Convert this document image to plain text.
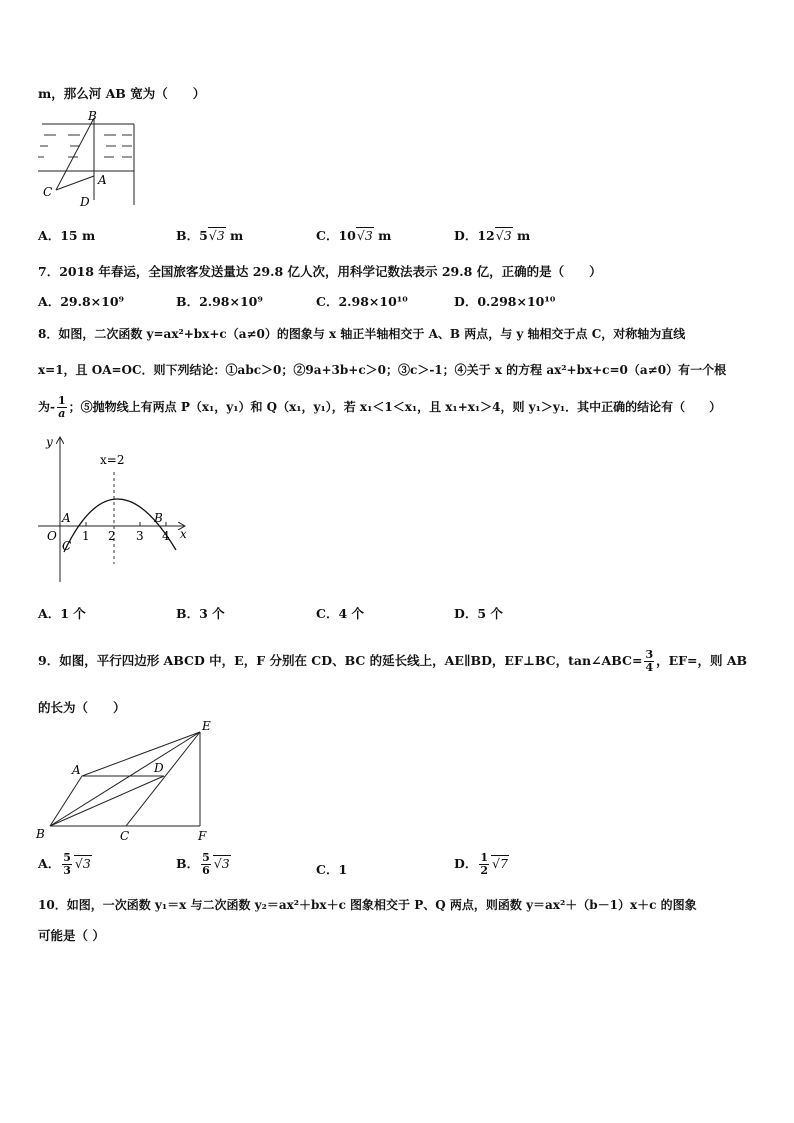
m，那么河 AB 宽为（　　）
B
C
A
D
A．15 m	B．5√3 m	C．10√3 m	D．12√3 m
7．2018 年春运，全国旅客发送量达 29.8 亿人次，用科学记数法表示 29.8 亿，正确的是（　　）
A．29.8×10⁹	B．2.98×10⁹	C．2.98×10¹⁰	D．0.298×10¹⁰
8．如图，二次函数 y=ax²+bx+c（a≠0）的图象与 x 轴正半轴相交于 A、B 两点，与 y 轴相交于点 C，对称轴为直线
x=1，且 OA=OC．则下列结论：①abc＞0；②9a+3b+c＞0；③c＞-1；④关于 x 的方程 ax²+bx+c=0（a≠0）有一个根
为- $\frac{1}{a}$ ；⑤抛物线上有两点 P（x₁，y₁）和 Q（x₁，y₁），若 x₁＜1＜x₁，且 x₁+x₁＞4，则 y₁＞y₁．其中正确的结论有（　　）
y
x
x=2
A	B
O
C
1 2 3 4
A．1 个	B．3 个	C．4 个	D．5 个
9．如图，平行四边形 ABCD 中，E，F 分别在 CD、BC 的延长线上，AE∥BD，EF⊥BC，tan∠ABC= $\frac{3}{4}$ ，EF=，则 AB
的长为（　　）
E
A	D
B	C	F
A． $\frac{5}{3} √3$	B． $\frac{5}{6} √3$	C．1	D． $\frac{1}{2} √7$
10．如图，一次函数 y₁＝x 与二次函数 y₂＝ax²＋bx＋c 图象相交于 P、Q 两点，则函数 y＝ax²＋（b－1）x＋c 的图象
可能是（ ）
